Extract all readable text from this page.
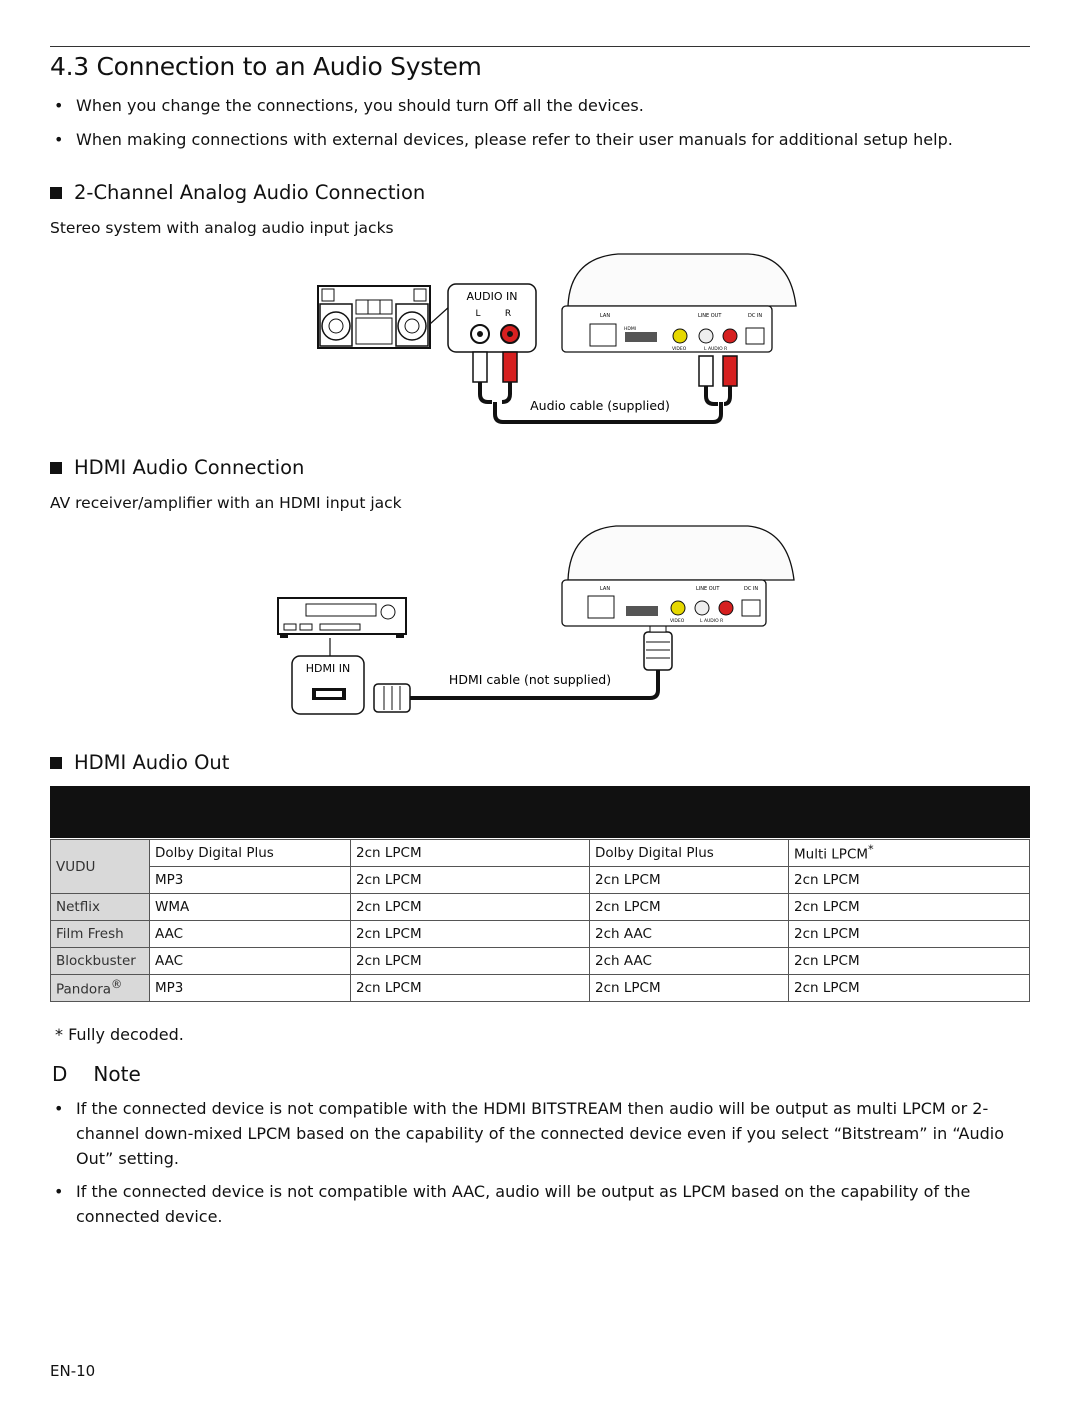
4.3 Connection to an Audio System
• When you change the connections, you should turn Off all the devices.
• When making connections with external devices, please refer to their user manuals for additional setup help.
2-Channel Analog Audio Connection
Stereo system with analog audio input jacks
AUDIO IN
L	R
Audio cable (supplied)
LAN	LINE OUT	DC IN
HDMI
VIDEO	L AUDIO R
HDMI Audio Connection
AV receiver/amplifier with an HDMI input jack
HDMI IN
HDMI cable (not supplied)
LAN	LINE OUT	DC IN
VIDEO	L AUDIO R
HDMI Audio Out
VUDU	Dolby Digital Plus	2cn LPCM	Dolby Digital Plus	Multi LPCM*
	MP3	2cn LPCM	2cn LPCM	2cn LPCM
Netflix	WMA	2cn LPCM	2cn LPCM	2cn LPCM
Film Fresh	AAC	2cn LPCM	2ch AAC	2cn LPCM
Blockbuster	AAC	2cn LPCM	2ch AAC	2cn LPCM
Pandora®	MP3	2cn LPCM	2cn LPCM	2cn LPCM
* Fully decoded.
D Note
• If the connected device is not compatible with the HDMI BITSTREAM then audio will be output as multi LPCM or 2-channel down-mixed LPCM based on the capability of the connected device even if you select “Bitstream” in “Audio Out” setting.
• If the connected device is not compatible with AAC, audio will be output as LPCM based on the capability of the connected device.
EN-10
